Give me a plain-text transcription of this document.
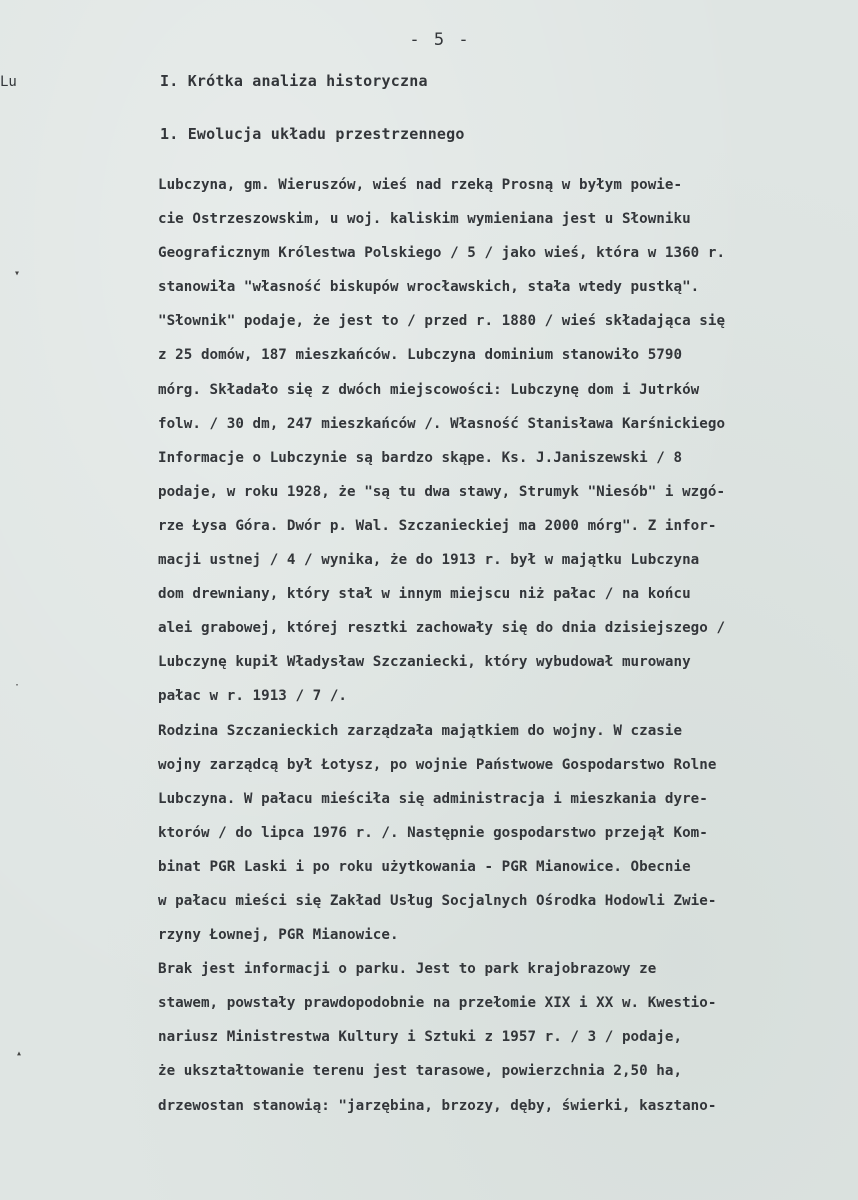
- 5 -
Lu	I. Krótka analiza historyczna
1. Ewolucja układu przestrzennego
Lubczyna, gm. Wieruszów, wieś nad rzeką Prosną w byłym powie-
cie Ostrzeszowskim, u woj. kaliskim wymieniana jest u Słowniku
Geograficznym Królestwa Polskiego / 5 / jako wieś, która w 1360 r.
stanowiła "własność biskupów wrocławskich, stała wtedy pustką".
"Słownik" podaje, że jest to / przed r. 1880 / wieś składająca się
z 25 domów, 187 mieszkańców. Lubczyna dominium stanowiło 5790
mórg. Składało się z dwóch miejscowości: Lubczynę dom i Jutrków
folw. / 30 dm, 247 mieszkańców /. Własność Stanisława Karśnickiego
Informacje o Lubczynie są bardzo skąpe. Ks. J.Janiszewski / 8
podaje, w roku 1928, że "są tu dwa stawy, Strumyk "Niesób" i wzgó-
rze Łysa Góra. Dwór p. Wal. Szczanieckiej ma 2000 mórg". Z infor-
macji ustnej / 4 / wynika, że do 1913 r. był w majątku Lubczyna
dom drewniany, który stał w innym miejscu niż pałac / na końcu
alei grabowej, której resztki zachowały się do dnia dzisiejszego /
Lubczynę kupił Władysław Szczaniecki, który wybudował murowany
pałac w r. 1913 / 7 /.
Rodzina Szczanieckich zarządzała majątkiem do wojny. W czasie
wojny zarządcą był Łotysz, po wojnie Państwowe Gospodarstwo Rolne
Lubczyna. W pałacu mieściła się administracja i mieszkania dyre-
ktorów / do lipca 1976 r. /. Następnie gospodarstwo przejął Kom-
binat PGR Laski i po roku użytkowania - PGR Mianowice. Obecnie
w pałacu mieści się Zakład Usług Socjalnych Ośrodka Hodowli Zwie-
rzyny Łownej, PGR Mianowice.
Brak jest informacji o parku. Jest to park krajobrazowy ze
stawem, powstały prawdopodobnie na przełomie XIX i XX w. Kwestio-
nariusz Ministrestwa Kultury i Sztuki z 1957 r. / 3 / podaje,
że ukształtowanie terenu jest tarasowe, powierzchnia 2,50 ha,
drzewostan stanowią: "jarzębina, brzozy, dęby, świerki, kasztano-
▾
·
▴
